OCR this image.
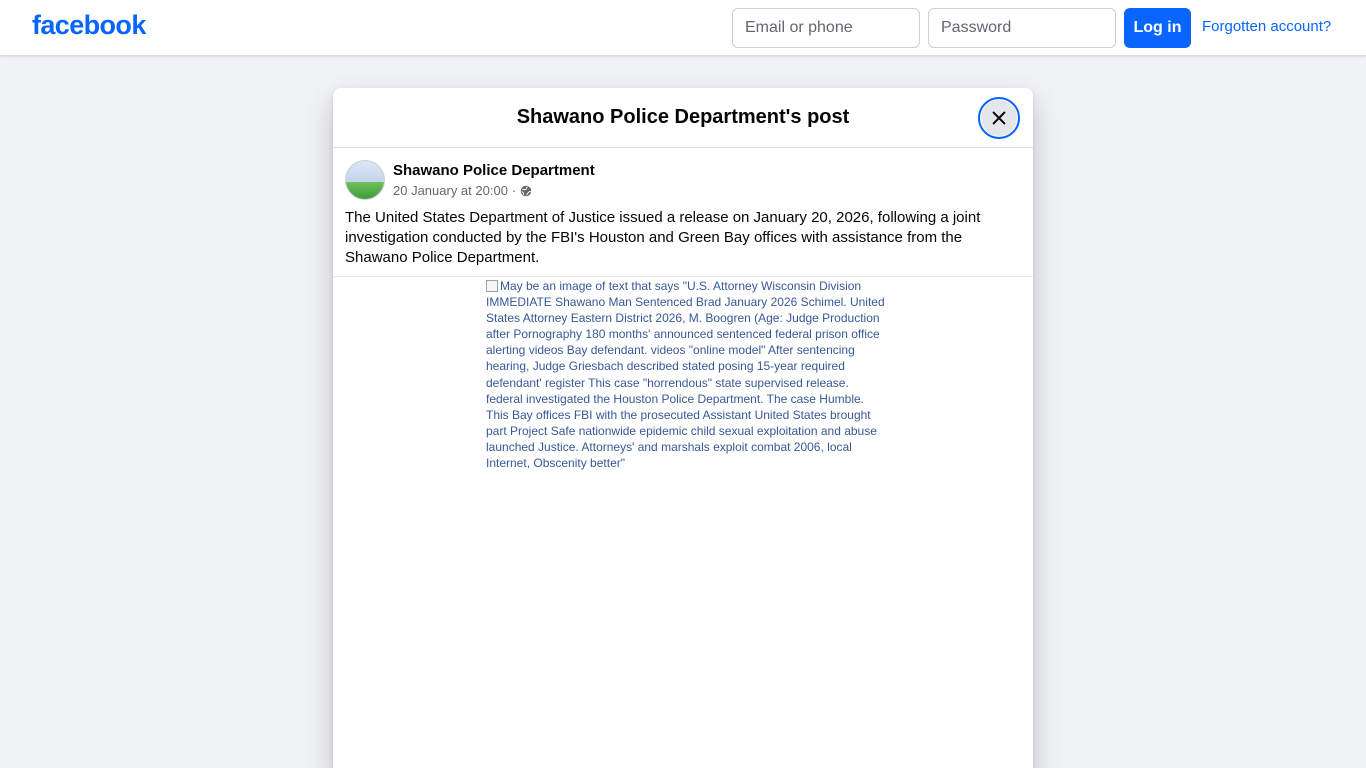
facebook
Email or phone	Log in	Forgotten account?
Shawano Police Department's post
Shawano Police Department
20 January at 20:00 ·
The United States Department of Justice issued a release on January 20, 2026, following a joint investigation conducted by the FBI's Houston and Green Bay offices with assistance from the Shawano Police Department.
May be an image of text that says "U.S. Attorney Wisconsin Division IMMEDIATE Shawano Man Sentenced Brad January 2026 Schimel. United States Attorney Eastern District 2026, M. Boogren (Age: Judge Production after Pornography 180 months' announced sentenced federal prison office alerting videos Bay defendant. videos "online model" After sentencing hearing, Judge Griesbach described stated posing 15-year required defendant' register This case "horrendous" state supervised release. federal investigated the Houston Police Department. The case Humble. This Bay offices FBI with the prosecuted Assistant United States brought part Project Safe nationwide epidemic child sexual exploitation and abuse launched Justice. Attorneys' and marshals exploit combat 2006, local Internet, Obscenity better"
